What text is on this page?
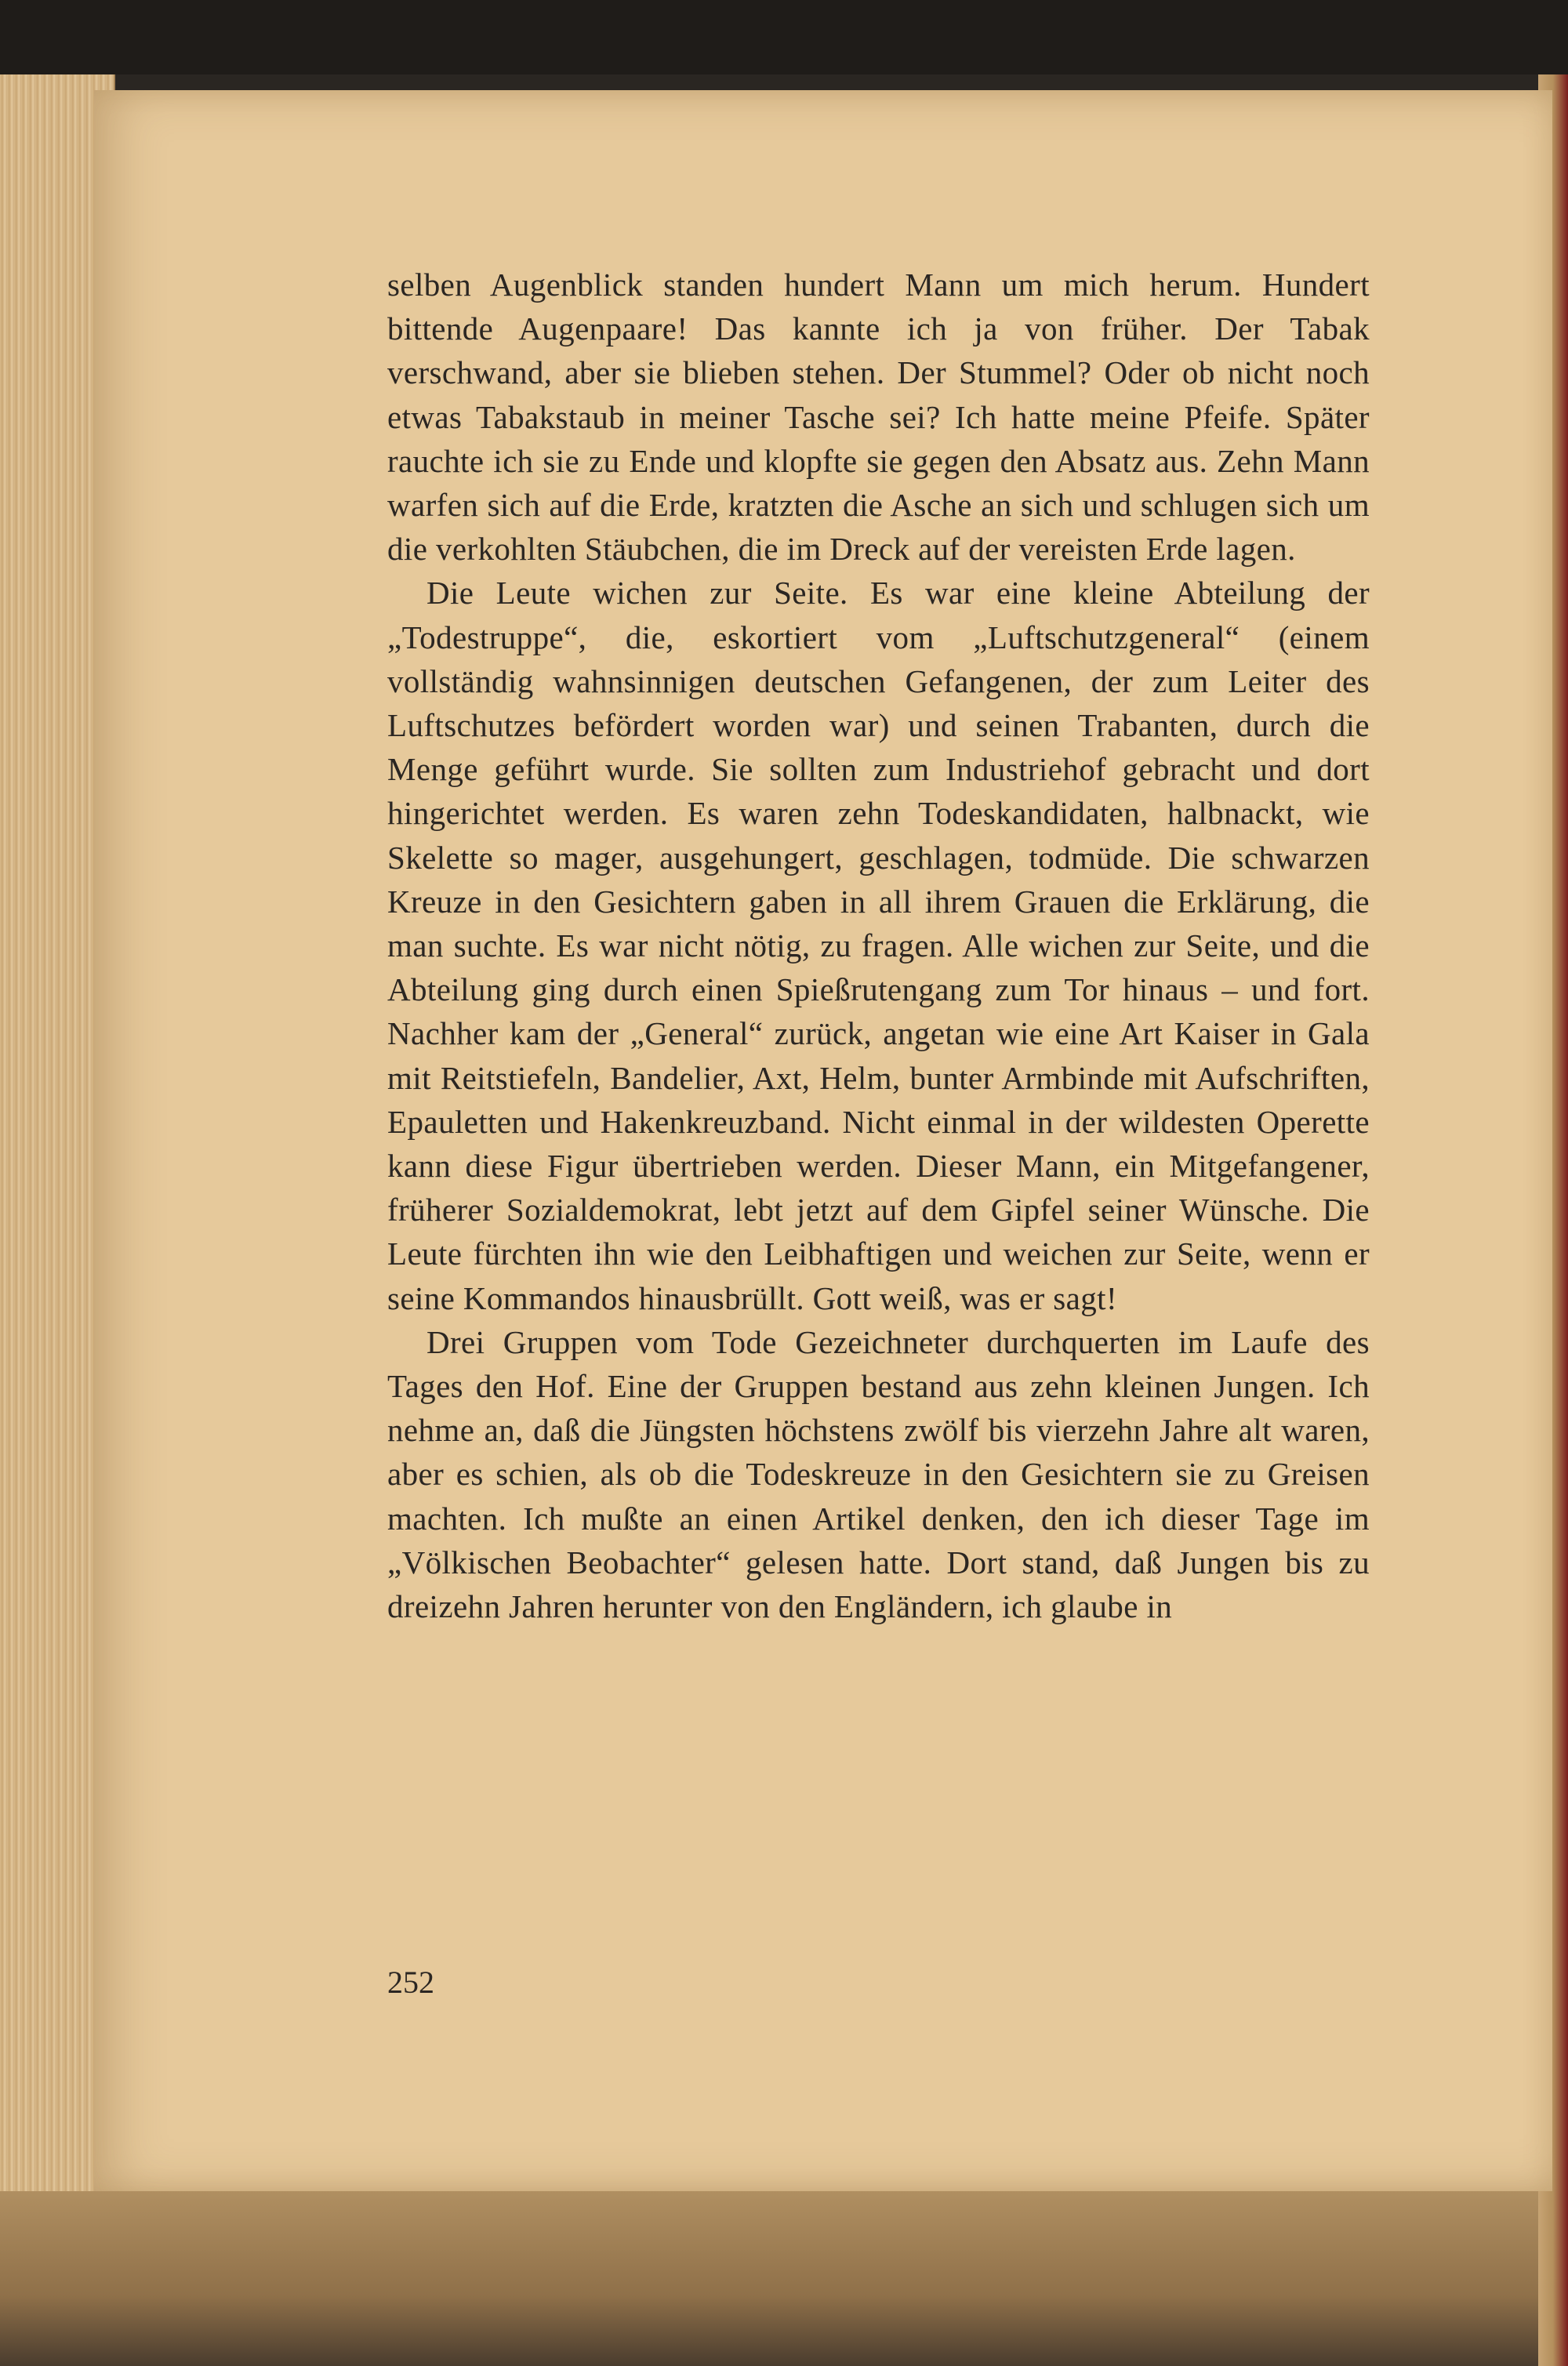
selben Augenblick standen hundert Mann um mich herum. Hundert bittende Augenpaare! Das kannte ich ja von früher. Der Tabak verschwand, aber sie blieben stehen. Der Stummel? Oder ob nicht noch etwas Tabakstaub in meiner Tasche sei? Ich hatte meine Pfeife. Später rauchte ich sie zu Ende und klopfte sie gegen den Absatz aus. Zehn Mann warfen sich auf die Erde, kratzten die Asche an sich und schlugen sich um die verkohlten Stäubchen, die im Dreck auf der vereisten Erde lagen.

Die Leute wichen zur Seite. Es war eine kleine Abteilung der „Todestruppe“, die, eskortiert vom „Luftschutzgeneral“ (einem vollständig wahnsinnigen deutschen Gefangenen, der zum Leiter des Luftschutzes befördert worden war) und seinen Trabanten, durch die Menge geführt wurde. Sie sollten zum Industriehof gebracht und dort hingerichtet werden. Es waren zehn Todeskandidaten, halbnackt, wie Skelette so mager, ausgehungert, geschlagen, todmüde. Die schwarzen Kreuze in den Gesichtern gaben in all ihrem Grauen die Erklärung, die man suchte. Es war nicht nötig, zu fragen. Alle wichen zur Seite, und die Abteilung ging durch einen Spießrutengang zum Tor hinaus – und fort. Nachher kam der „General“ zurück, angetan wie eine Art Kaiser in Gala mit Reitstiefeln, Bandelier, Axt, Helm, bunter Armbinde mit Aufschriften, Epauletten und Hakenkreuzband. Nicht einmal in der wildesten Operette kann diese Figur übertrieben werden. Dieser Mann, ein Mitgefangener, früherer Sozialdemokrat, lebt jetzt auf dem Gipfel seiner Wünsche. Die Leute fürchten ihn wie den Leibhaftigen und weichen zur Seite, wenn er seine Kommandos hinausbrüllt. Gott weiß, was er sagt!

Drei Gruppen vom Tode Gezeichneter durchquerten im Laufe des Tages den Hof. Eine der Gruppen bestand aus zehn kleinen Jungen. Ich nehme an, daß die Jüngsten höchstens zwölf bis vierzehn Jahre alt waren, aber es schien, als ob die Todeskreuze in den Gesichtern sie zu Greisen machten. Ich mußte an einen Artikel denken, den ich dieser Tage im „Völkischen Beobachter“ gelesen hatte. Dort stand, daß Jungen bis zu dreizehn Jahren herunter von den Engländern, ich glaube in

252
